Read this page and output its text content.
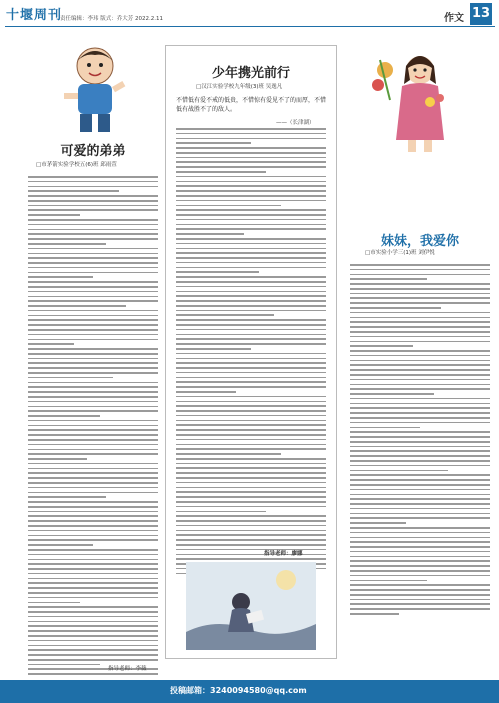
十堰周刊
责任编辑：李玮 版式：乔大芳 2022.2.11	作文 13
可爱的弟弟
□市茅箭实验学校五(6)班 邱雨萱
指导老师：李薇
少年携光前行
□汉江实验学校九年级(3)班 吴逸凡
不惜低有爱不戒的低贵，不惜惊有爱见不了的而厚，不惜低有战胜不了的敌人。
——（长津湖）
指导老师：廖娜
妹妹，我爱你
□市实验小学三(1)班 刘伊悦
投稿邮箱：3240094580@qq.com
